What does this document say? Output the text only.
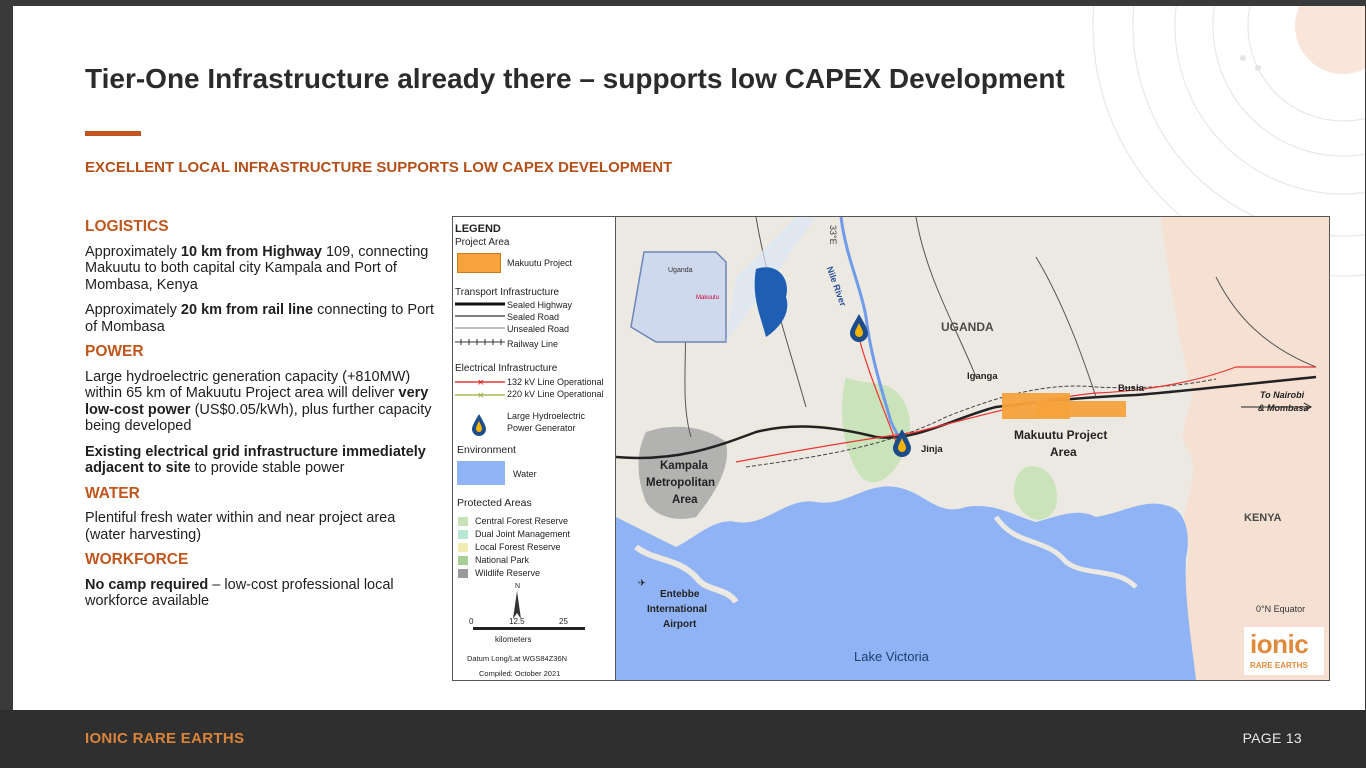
Tier-One Infrastructure already there – supports low CAPEX Development
EXCELLENT LOCAL INFRASTRUCTURE SUPPORTS LOW CAPEX DEVELOPMENT
LOGISTICS
Approximately 10 km from Highway 109, connecting Makuutu to both capital city Kampala and Port of Mombasa, Kenya
Approximately 20 km from rail line connecting to Port of Mombasa
POWER
Large hydroelectric generation capacity (+810MW) within 65 km of Makuutu Project area will deliver very low-cost power (US$0.05/kWh), plus further capacity being developed
Existing electrical grid infrastructure immediately adjacent to site to provide stable power
WATER
Plentiful fresh water within and near project area (water harvesting)
WORKFORCE
No camp required – low-cost professional local workforce available
LEGEND
Project Area
Makuutu Project
Transport Infrastructure
Sealed Highway
Sealed Road
Unsealed Road
Railway Line
Electrical Infrastructure
×
×
132 kV Line Operational
220 kV Line Operational
Large Hydroelectric
Power Generator
Environment
Water
Protected Areas
Central Forest Reserve
Dual Joint Management
Local Forest Reserve
National Park
Wildlife Reserve
N
0	12.5	25
kilometers
Datum Long/Lat WGS84Z36N
Compiled: October 2021
UGANDA
KENYA
Nile River
33°E
Iganga
Busia
Jinja
Makuutu Project
Area
Kampala
Metropolitan
Area
✈
Entebbe
International
Airport
Lake Victoria
0°N Equator
To Nairobi
& Mombasa
Uganda
Makuutu
ionic
RARE EARTHS
IONIC RARE EARTHS	PAGE 13
